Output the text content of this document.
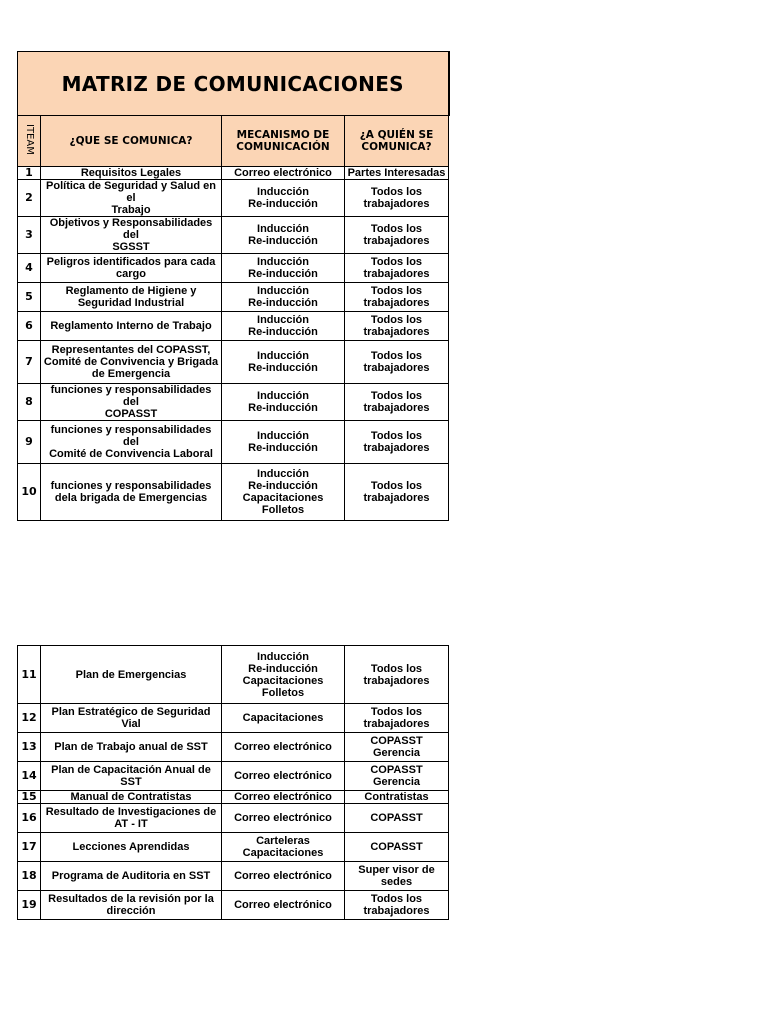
MATRIZ DE COMUNICACIONES			
ITEAM	¿QUE SE COMUNICA?	MECANISMO DE
COMUNICACIÓN	¿A QUIÉN SE
COMUNICA?
1	Requisitos Legales	Correo electrónico	Partes Interesadas
2	Política de Seguridad y Salud en el
Trabajo	Inducción
Re-inducción	Todos los
trabajadores
3	Objetivos y Responsabilidades del
SGSST	Inducción
Re-inducción	Todos los
trabajadores
4	Peligros identificados para cada
cargo	Inducción
Re-inducción	Todos los
trabajadores
5	Reglamento de Higiene y
Seguridad Industrial	Inducción
Re-inducción	Todos los
trabajadores
6	Reglamento Interno de Trabajo	Inducción
Re-inducción	Todos los
trabajadores
7	Representantes del COPASST,
Comité de Convivencia y Brigada
de Emergencia	Inducción
Re-inducción	Todos los
trabajadores
8	funciones y responsabilidades del
COPASST	Inducción
Re-inducción	Todos los
trabajadores
9	funciones y responsabilidades del
Comité de Convivencia Laboral	Inducción
Re-inducción	Todos los
trabajadores
10	funciones y responsabilidades
dela brigada de Emergencias	Inducción
Re-inducción
Capacitaciones
Folletos	Todos los
trabajadores
11	Plan de Emergencias	Inducción
Re-inducción
Capacitaciones
Folletos	Todos los
trabajadores
12	Plan Estratégico de Seguridad Vial	Capacitaciones	Todos los
trabajadores
13	Plan de Trabajo anual de SST	Correo electrónico	COPASST
Gerencia
14	Plan de Capacitación Anual de SST	Correo electrónico	COPASST
Gerencia
15	Manual de Contratistas	Correo electrónico	Contratistas
16	Resultado de Investigaciones de
AT - IT	Correo electrónico	COPASST
17	Lecciones Aprendidas	Carteleras
Capacitaciones	COPASST
18	Programa de Auditoria en SST	Correo electrónico	Super visor de
sedes
19	Resultados de la revisión por la
dirección	Correo electrónico	Todos los
trabajadores
